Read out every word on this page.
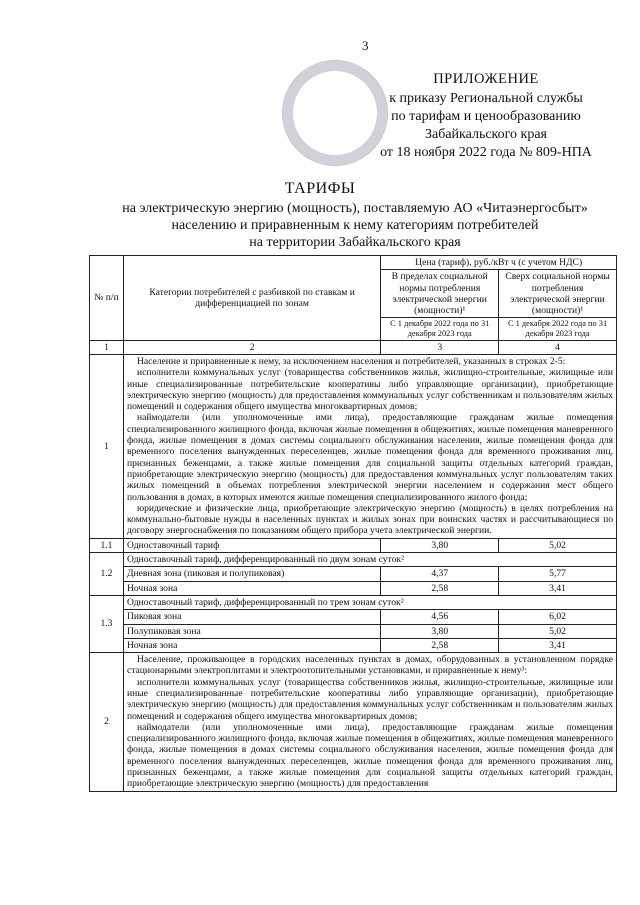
3
ПРИЛОЖЕНИЕ
к приказу Региональной службы
по тарифам и ценообразованию
Забайкальского края
от 18 ноября 2022 года № 809-НПА
ТАРИФЫ
на электрическую энергию (мощность), поставляемую АО «Читаэнергосбыт»
населению и приравненным к нему категориям потребителей
на территории Забайкальского края
№ п/п	Категории потребителей с разбивкой по ставкам и дифференциацией по зонам	Цена (тариф), руб./кВт ч (с учетом НДС)	
		В пределах социальной нормы потребления электрической энергии (мощности)¹	Сверх социальной нормы потребления электрической энергии (мощности)¹
		С 1 декабря 2022 года по 31 декабря 2023 года	С 1 декабря 2022 года по 31 декабря 2023 года
1	2	3	4
1	Население и приравненные к нему, за исключением населения и потребителей, указанных в строках 2-5:

исполнители коммунальных услуг (товарищества собственников жилья, жилищно-строительные, жилищные или иные специализированные потребительские кооперативы либо управляющие организации), приобретающие электрическую энергию (мощность) для предоставления коммунальных услуг собственникам и пользователям жилых помещений и содержания общего имущества многоквартирных домов;

наймодатели (или уполномоченные ими лица), предоставляющие гражданам жилые помещения специализированного жилищного фонда, включая жилые помещения в общежитиях, жилые помещения маневренного фонда, жилые помещения в домах системы социального обслуживания населения, жилые помещения фонда для временного поселения вынужденных переселенцев, жилые помещения фонда для временного проживания лиц, признанных беженцами, а также жилые помещения для социальной защиты отдельных категорий граждан, приобретающие электрическую энергию (мощность) для предоставления коммунальных услуг пользователям таких жилых помещений в объемах потребления электрической энергии населением и содержания мест общего пользования в домах, в которых имеются жилые помещения специализированного жилого фонда;

юридические и физические лица, приобретающие электрическую энергию (мощность) в целях потребления на коммунально-бытовые нужды в населенных пунктах и жилых зонах при воинских частях и рассчитывающиеся по договору энергоснабжения по показаниям общего прибора учета электрической энергии.		

1.1	Одноставочный тариф	3,80	5,02
1.2	Одноставочный тариф, дифференцированный по двум зонам суток²		
	Дневная зона (пиковая и полупиковая)	4,37	5,77
	Ночная зона	2,58	3,41
1.3	Одноставочный тариф, дифференцированный по трем зонам суток²		
	Пиковая зона	4,56	6,02
	Полупиковая зона	3,80	5,02
	Ночная зона	2,58	3,41
2	Население, проживающее в городских населенных пунктах в домах, оборудованных в установленном порядке стационарными электроплитами и электроотопительными установками, и приравненные к нему³:

исполнители коммунальных услуг (товарищества собственников жилья, жилищно-строительные, жилищные или иные специализированные потребительские кооперативы либо управляющие организации), приобретающие электрическую энергию (мощность) для предоставления коммунальных услуг собственникам и пользователям жилых помещений и содержания общего имущества многоквартирных домов;

наймодатели (или уполномоченные ими лица), предоставляющие гражданам жилые помещения специализированного жилищного фонда, включая жилые помещения в общежитиях, жилые помещения маневренного фонда, жилые помещения в домах системы социального обслуживания населения, жилые помещения фонда для временного поселения вынужденных переселенцев, жилые помещения фонда для временного проживания лиц, признанных беженцами, а также жилые помещения для социальной защиты отдельных категорий граждан, приобретающие электрическую энергию (мощность) для предоставления		
